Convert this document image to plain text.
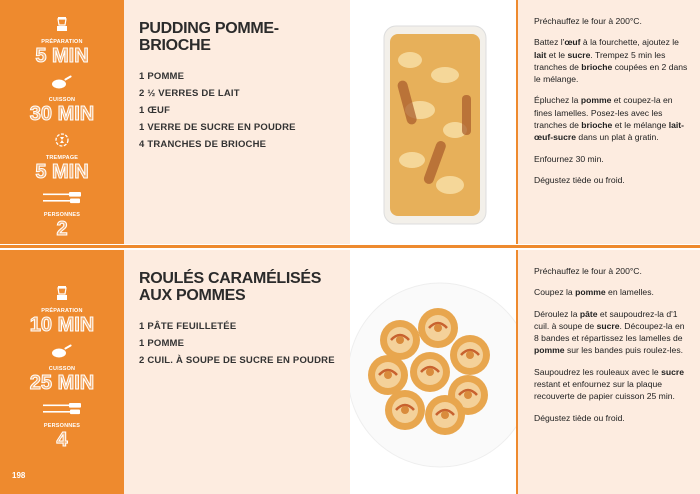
PRÉPARATION
5 MIN
CUISSON
30 MIN
TREMPAGE
5 MIN
PERSONNES
2
PUDDING POMME-BRIOCHE
1 POMME
2 ½ VERRES DE LAIT
1 ŒUF
1 VERRE DE SUCRE EN POUDRE
4 TRANCHES DE BRIOCHE

Préchauffez le four à 200°C.

Battez l'œuf à la fourchette, ajoutez le lait et le sucre. Trempez 5 min les tranches de brioche coupées en 2 dans le mélange.

Épluchez la pomme et coupez-la en fines lamelles. Posez-les avec les tranches de brioche et le mélange lait-œuf-sucre dans un plat à gratin.

Enfournez 30 min.

Dégustez tiède ou froid.

PRÉPARATION
10 MIN
CUISSON
25 MIN
PERSONNES
4
ROULÉS CARAMÉLISÉS AUX POMMES
1 PÂTE FEUILLETÉE
1 POMME
2 CUIL. À SOUPE DE SUCRE EN POUDRE

Préchauffez le four à 200°C.

Coupez la pomme en lamelles.

Déroulez la pâte et saupoudrez-la d'1 cuil. à soupe de sucre. Découpez-la en 8 bandes et répartissez les lamelles de pomme sur les bandes puis roulez-les.

Saupoudrez les rouleaux avec le sucre restant et enfournez sur la plaque recouverte de papier cuisson 25 min.

Dégustez tiède ou froid.

198
